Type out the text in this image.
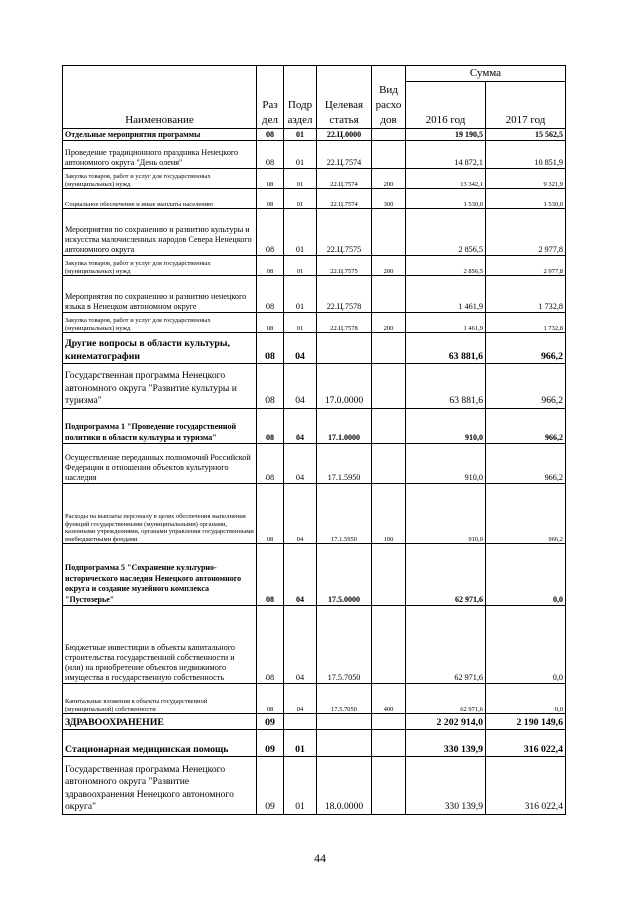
Наименование	Раз дел	Подр аздел	Целевая статья	Вид расхо дов	Сумма	
					2016 год	2017 год

Отдельные мероприятия программы	08	01	22.Ц.0000		19 190,5	15 562,5

Проведение традиционного праздника Ненецкого автономного округа "День оленя"	08	01	22.Ц.7574		14 872,1	10 851,9

Закупка товаров, работ и услуг для государственных (муниципальных) нужд	08	01	22.Ц.7574	200	13 342,1	9 321,9

Социальное обеспечение и иные выплаты населению	08	01	22.Ц.7574	300	1 530,0	1 530,0

Мероприятия по сохранению и развитию культуры и искусства малочисленных народов Севера Ненецкого автономного округа	08	01	22.Ц.7575		2 856,5	2 977,8

Закупка товаров, работ и услуг для государственных (муниципальных) нужд	08	01	22.Ц.7575	200	2 856,5	2 977,8

Мероприятия по сохранению и развитию ненецкого языка в Ненецком автономном округе	08	01	22.Ц.7578		1 461,9	1 732,8

Закупка товаров, работ и услуг для государственных (муниципальных) нужд	08	01	22.Ц.7578	200	1 461,9	1 732,8

Другие вопросы в области культуры, кинематографии	08	04			63 881,6	966,2

Государственная программа Ненецкого автономного округа "Развитие культуры и туризма"	08	04	17.0.0000		63 881,6	966,2

Подпрограмма 1 "Проведение государственной политики в области культуры и туризма"	08	04	17.1.0000		910,0	966,2

Осуществление переданных полномочий Российской Федерации в отношении объектов культурного наследия	08	04	17.1.5950		910,0	966,2

Расходы на выплаты персоналу в целях обеспечения выполнения функций государственными (муниципальными) органами, казенными учреждениями, органами управления государственными внебюджетными фондами	08	04	17.1.5950	100	910,0	966,2

Подпрограмма 5 "Сохранение культурно-исторического наследия Ненецкого автономного округа и создание музейного комплекса "Пустозерье"	08	04	17.5.0000		62 971,6	0,0

Бюджетные инвестиции в объекты капитального строительства государственной собственности и (или) на приобретение объектов недвижимого имущества в государственную собственность	08	04	17.5.7050		62 971,6	0,0

Капитальные вложения в объекты государственной (муниципальной) собственности	08	04	17.5.7050	400	62 971,6	0,0

ЗДРАВООХРАНЕНИЕ	09				2 202 914,0	2 190 149,6

Стационарная медицинская помощь	09	01			330 139,9	316 022,4

Государственная программа Ненецкого автономного округа "Развитие здравоохранения Ненецкого автономного округа"	09	01	18.0.0000		330 139,9	316 022,4
44
